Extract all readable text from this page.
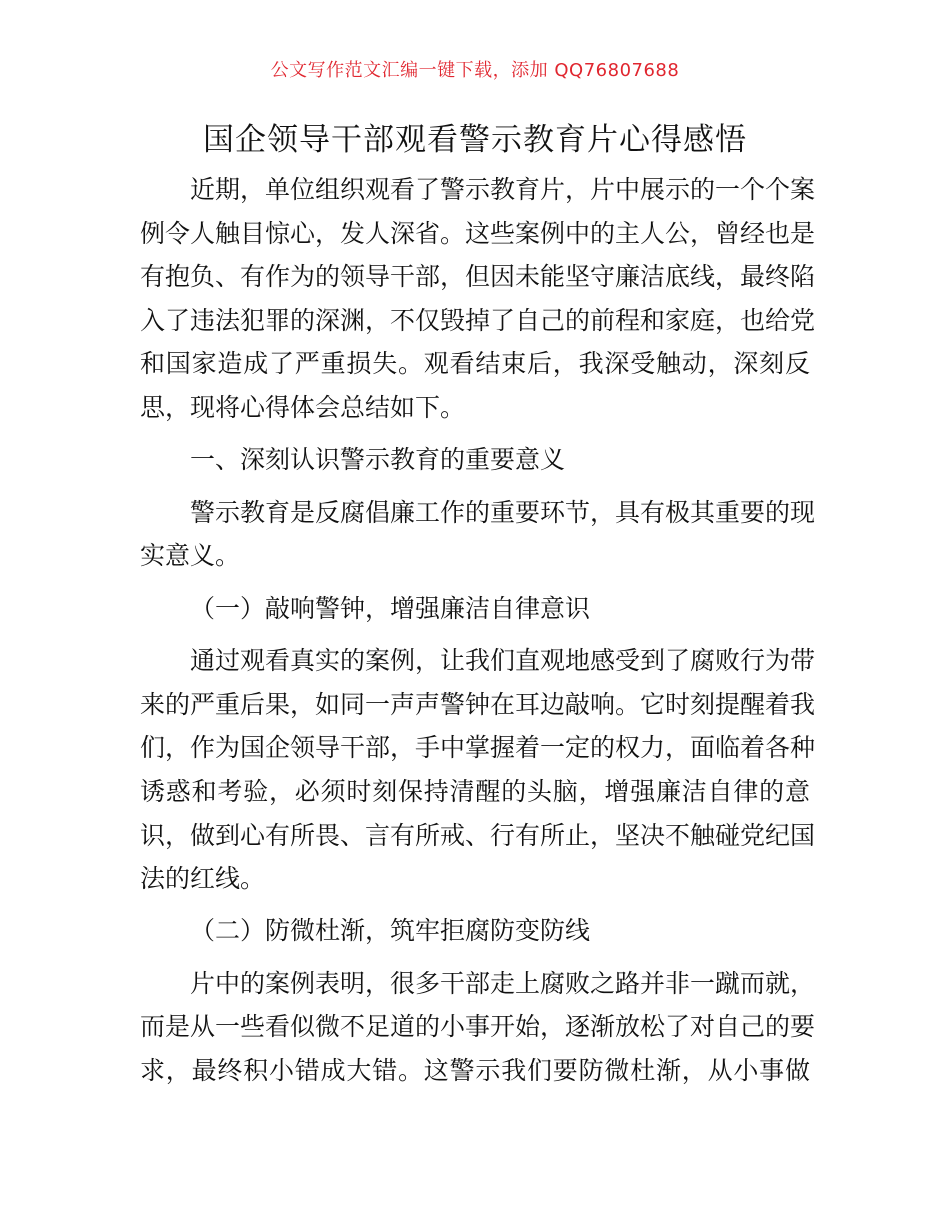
公文写作范文汇编一键下载，添加 QQ76807688
国企领导干部观看警示教育片心得感悟
近期，单位组织观看了警示教育片，片中展示的一个个案
例令人触目惊心，发人深省。这些案例中的主人公，曾经也是
有抱负、有作为的领导干部，但因未能坚守廉洁底线，最终陷
入了违法犯罪的深渊，不仅毁掉了自己的前程和家庭，也给党
和国家造成了严重损失。观看结束后，我深受触动，深刻反
思，现将心得体会总结如下。
一、深刻认识警示教育的重要意义
警示教育是反腐倡廉工作的重要环节，具有极其重要的现
实意义。
（一）敲响警钟，增强廉洁自律意识
通过观看真实的案例，让我们直观地感受到了腐败行为带
来的严重后果，如同一声声警钟在耳边敲响。它时刻提醒着我
们，作为国企领导干部，手中掌握着一定的权力，面临着各种
诱惑和考验，必须时刻保持清醒的头脑，增强廉洁自律的意
识，做到心有所畏、言有所戒、行有所止，坚决不触碰党纪国
法的红线。
（二）防微杜渐，筑牢拒腐防变防线
片中的案例表明，很多干部走上腐败之路并非一蹴而就，
而是从一些看似微不足道的小事开始，逐渐放松了对自己的要
求，最终积小错成大错。这警示我们要防微杜渐，从小事做
